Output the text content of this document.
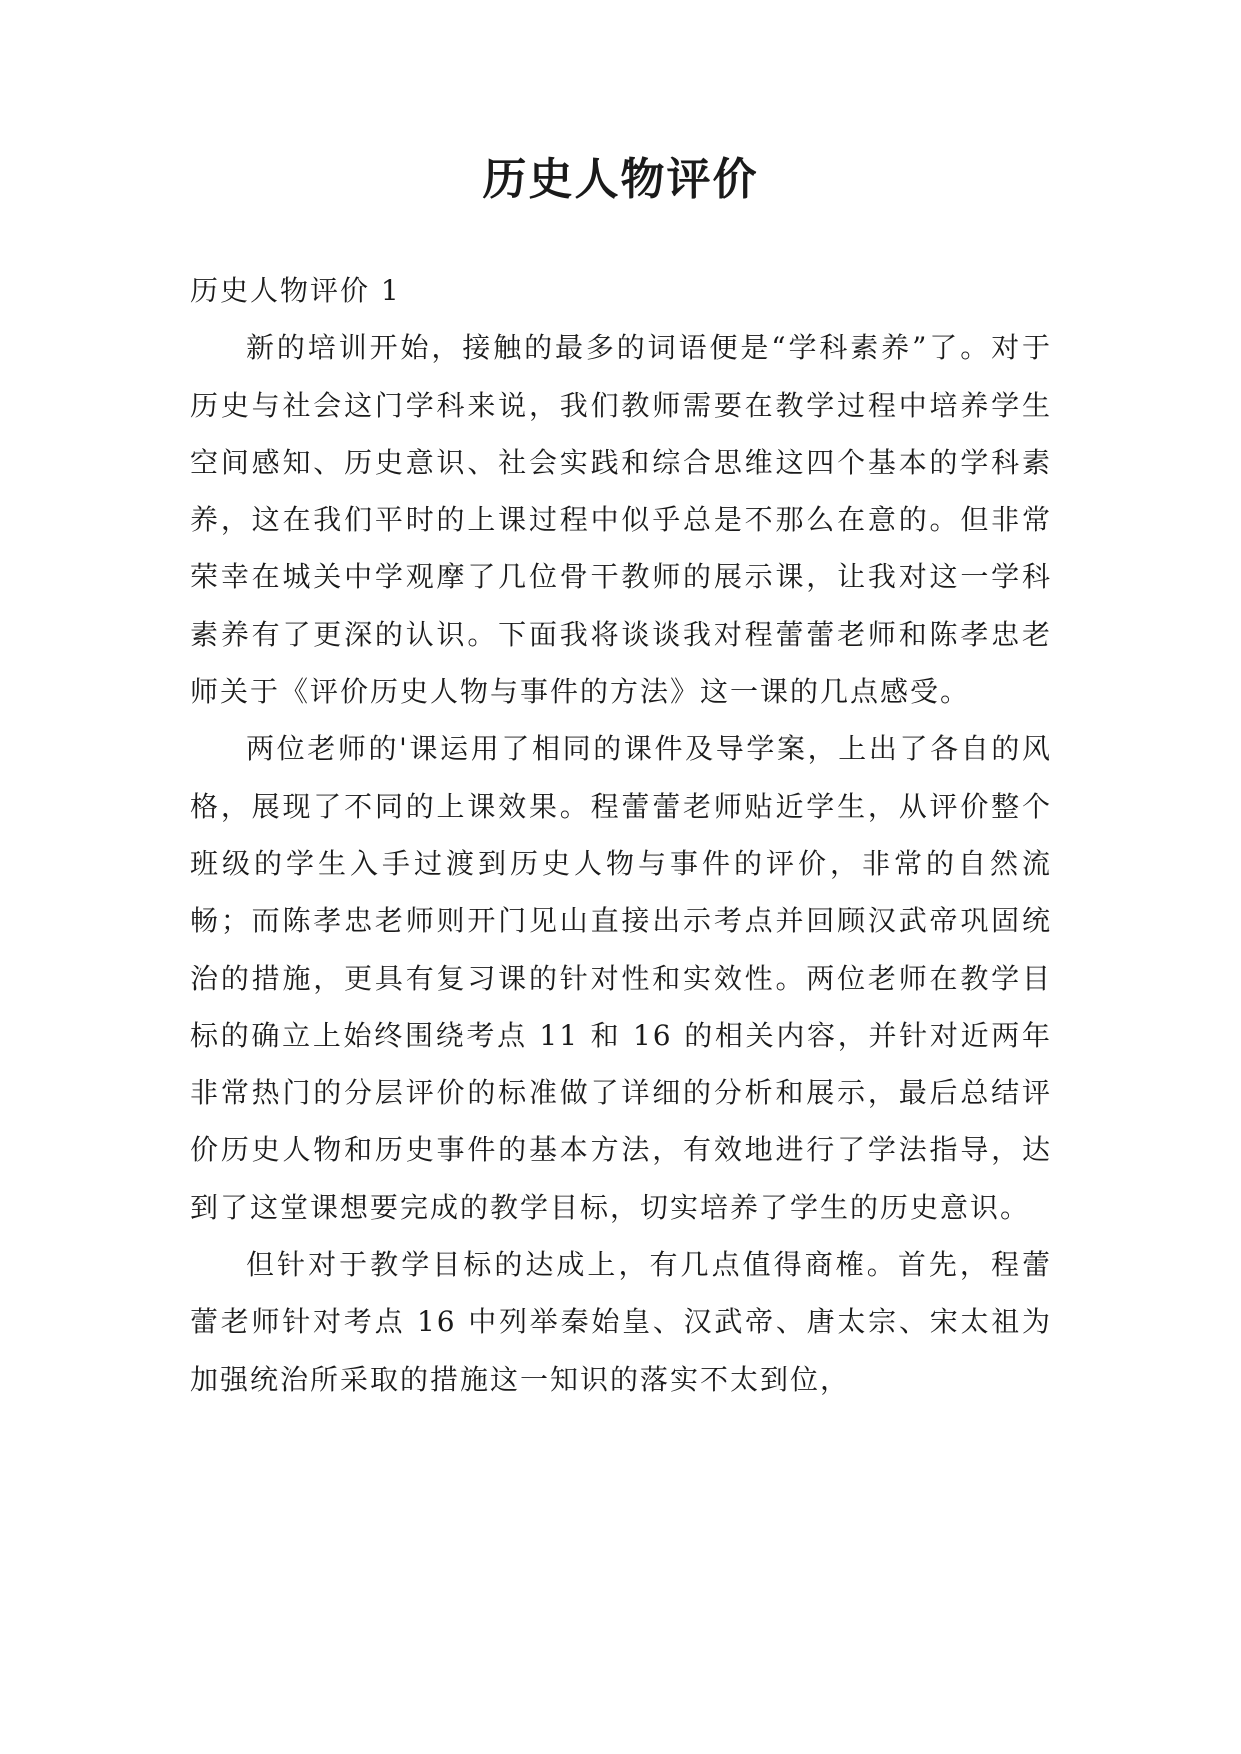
历史人物评价
历史人物评价 1

新的培训开始，接触的最多的词语便是“学科素养”了。对于历史与社会这门学科来说，我们教师需要在教学过程中培养学生空间感知、历史意识、社会实践和综合思维这四个基本的学科素养，这在我们平时的上课过程中似乎总是不那么在意的。但非常荣幸在城关中学观摩了几位骨干教师的展示课，让我对这一学科素养有了更深的认识。下面我将谈谈我对程蕾蕾老师和陈孝忠老师关于《评价历史人物与事件的方法》这一课的几点感受。

两位老师的'课运用了相同的课件及导学案，上出了各自的风格，展现了不同的上课效果。程蕾蕾老师贴近学生，从评价整个班级的学生入手过渡到历史人物与事件的评价，非常的自然流畅；而陈孝忠老师则开门见山直接出示考点并回顾汉武帝巩固统治的措施，更具有复习课的针对性和实效性。两位老师在教学目标的确立上始终围绕考点 11 和 16 的相关内容，并针对近两年非常热门的分层评价的标准做了详细的分析和展示，最后总结评价历史人物和历史事件的基本方法，有效地进行了学法指导，达到了这堂课想要完成的教学目标，切实培养了学生的历史意识。

但针对于教学目标的达成上，有几点值得商榷。首先，程蕾蕾老师针对考点 16 中列举秦始皇、汉武帝、唐太宗、宋太祖为加强统治所采取的措施这一知识的落实不太到位，
